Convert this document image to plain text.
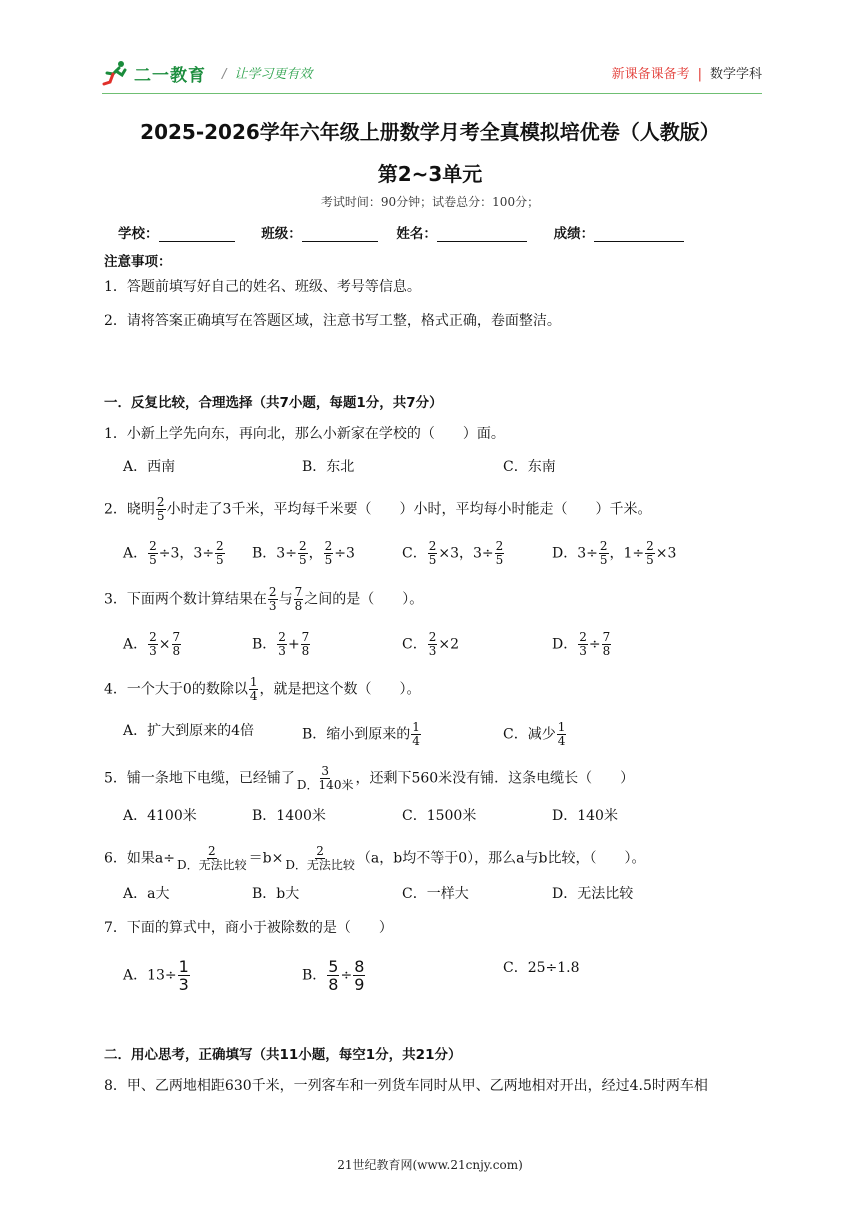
二一教育 / 让学习更有效	新课备课备考 | 数学学科
2025-2026学年六年级上册数学月考全真模拟培优卷（人教版）
第2~3单元
考试时间：90分钟；试卷总分：100分；
学校：	班级：	姓名：	成绩：
注意事项：
1．答题前填写好自己的姓名、班级、考号等信息。
2．请将答案正确填写在答题区域，注意书写工整，格式正确，卷面整洁。
一．反复比较，合理选择（共7小题，每题1分，共7分）
1．小新上学先向东，再向北，那么小新家在学校的（　　）面。
A．西南	B．东北	C．东南
2．晓明 $\frac{2}{5}$ 小时走了3千米，平均每千米要（　　）小时，平均每小时能走（　　）千米。
A． $\frac{2}{5} \div 3$，$3\div \frac{2}{5}$ B．$3\div \frac{2}{5}$ ， $\frac{2}{5} \div 3$	C． $\frac{2}{5} \times 3$，$3\div \frac{2}{5}$	D．$3\div \frac{2}{5}$ ，$1\div \frac{2}{5} \times 3$
3．下面两个数计算结果在 $\frac{2}{3}$ 与 $\frac{7}{8}$ 之间的是（　　）。
A． $\frac{2}{3} \times \frac{7}{8}$	B． $\frac{2}{3} + \frac{7}{8}$	C． $\frac{2}{3} \times 2$	D． $\frac{2}{3} \div \frac{7}{8}$
4．一个大于0的数除以 $\frac{1}{4}$ ，就是把这个数（　　）。
A．扩大到原来的4倍	B．缩小到原来的 $\frac{1}{4}$	C．减少 $\frac{1}{4}$
5．铺一条地下电缆，已经铺了 $\frac{3}{\text{D．140米}}$ ，还剩下560米没有铺．这条电缆长（　　）
A．4100米	B．1400米	C．1500米	D．140米
6．如果$a\div \frac{2}{\text{D．无法比较}} =b\times \frac{2}{\text{D．无法比较}} (a$，b均不等于0），那么a与b比较，（　　）。
A．a大	B．b大	C．一样大	D．无法比较
7．下面的算式中，商小于被除数的是（　　）
A．$13\div \frac{1}{3}$	B． $\frac{5}{8} \div \frac{8}{9}$	C．25÷1.8
二．用心思考，正确填写（共11小题，每空1分，共21分）
8．甲、乙两地相距630千米，一列客车和一列货车同时从甲、乙两地相对开出，经过4.5时两车相
21世纪教育网(www.21cnjy.com)
